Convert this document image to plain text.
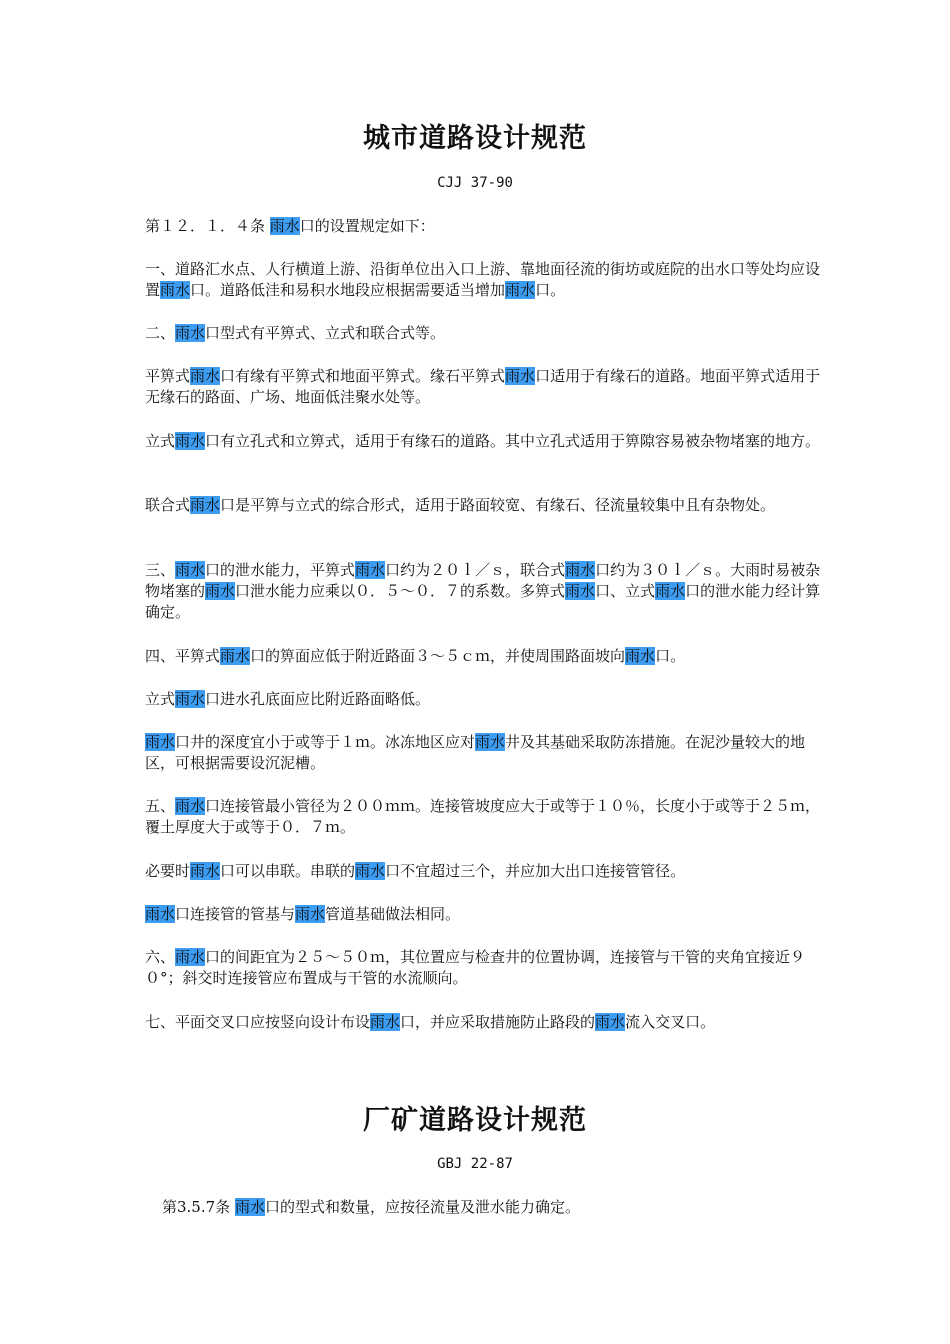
城市道路设计规范

CJJ 37-90

第１２．１．４条 雨水口的设置规定如下：

一、道路汇水点、人行横道上游、沿街单位出入口上游、靠地面径流的街坊或庭院的出水口等处均应设置雨水口。道路低洼和易积水地段应根据需要适当增加雨水口。

二、雨水口型式有平箅式、立式和联合式等。

平箅式雨水口有缘有平箅式和地面平箅式。缘石平箅式雨水口适用于有缘石的道路。地面平箅式适用于无缘石的路面、广场、地面低洼聚水处等。

立式雨水口有立孔式和立箅式，适用于有缘石的道路。其中立孔式适用于箅隙容易被杂物堵塞的地方。

联合式雨水口是平箅与立式的综合形式，适用于路面较宽、有缘石、径流量较集中且有杂物处。

三、雨水口的泄水能力，平箅式雨水口约为２０ｌ／ｓ，联合式雨水口约为３０ｌ／ｓ。大雨时易被杂物堵塞的雨水口泄水能力应乘以０．５～０．７的系数。多箅式雨水口、立式雨水口的泄水能力经计算确定。

四、平箅式雨水口的箅面应低于附近路面３～５ｃｍ，并使周围路面坡向雨水口。

立式雨水口进水孔底面应比附近路面略低。

雨水口井的深度宜小于或等于１ｍ。冰冻地区应对雨水井及其基础采取防冻措施。在泥沙量较大的地区，可根据需要设沉泥槽。

五、雨水口连接管最小管径为２００ｍｍ。连接管坡度应大于或等于１０％，长度小于或等于２５ｍ，覆土厚度大于或等于０．７ｍ。

必要时雨水口可以串联。串联的雨水口不宜超过三个，并应加大出口连接管管径。

雨水口连接管的管基与雨水管道基础做法相同。

六、雨水口的间距宜为２５～５０ｍ，其位置应与检查井的位置协调，连接管与干管的夹角宜接近９０°；斜交时连接管应布置成与干管的水流顺向。

七、平面交叉口应按竖向设计布设雨水口，并应采取措施防止路段的雨水流入交叉口。

厂矿道路设计规范

GBJ 22-87

第3.5.7条 雨水口的型式和数量，应按径流量及泄水能力确定。
